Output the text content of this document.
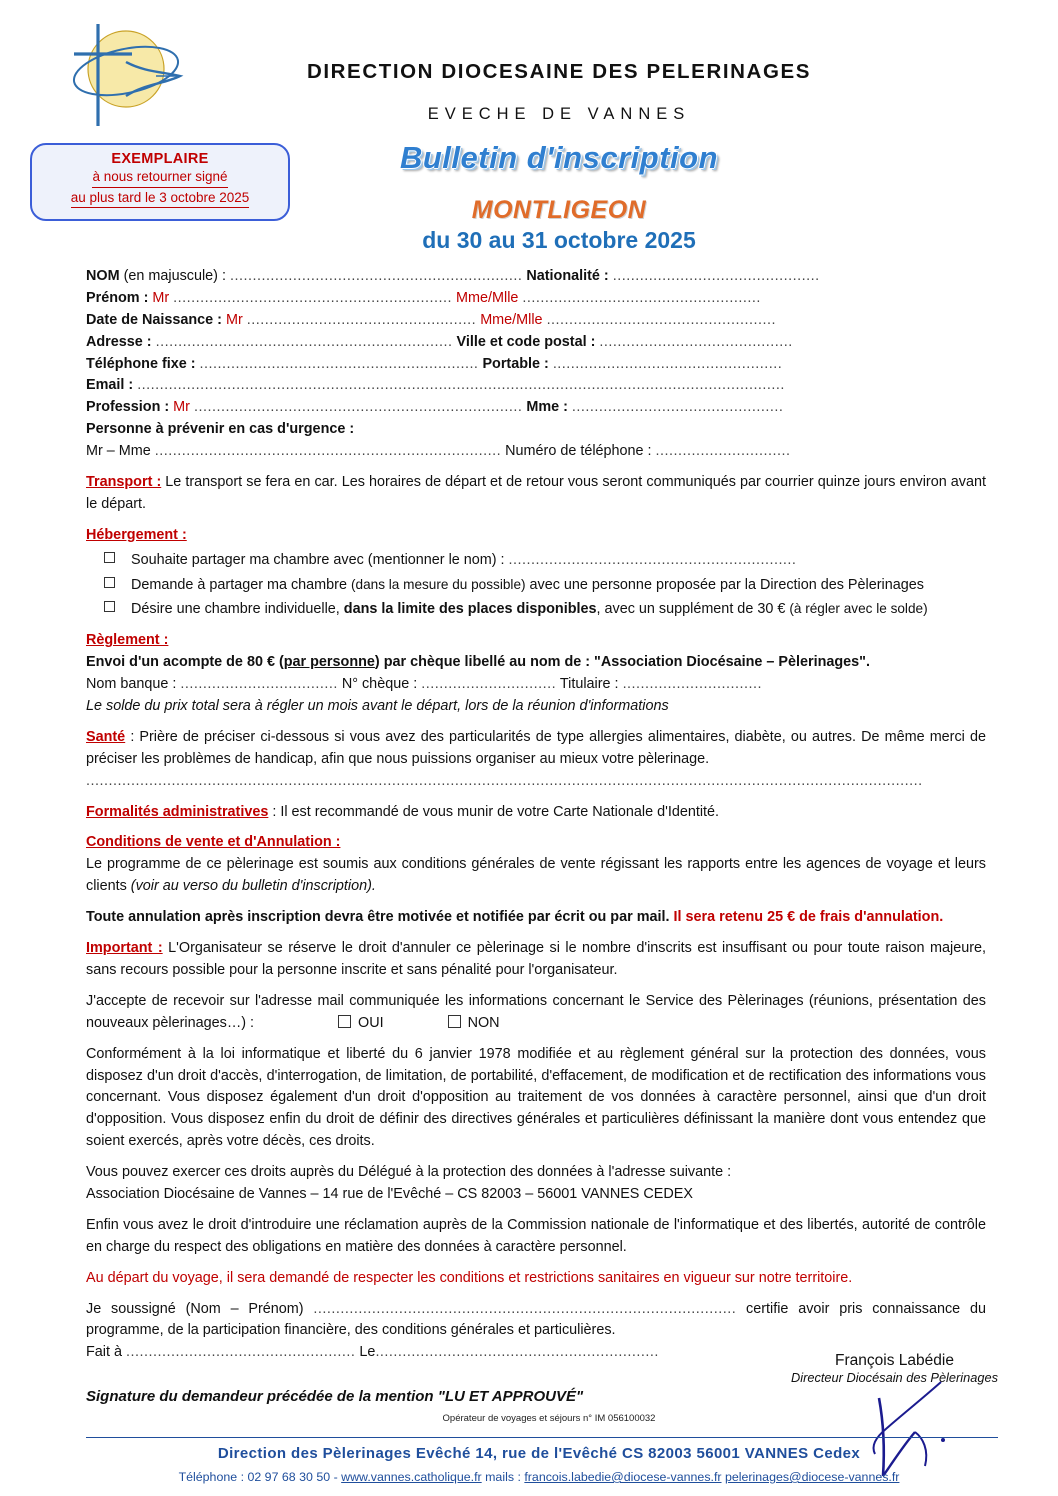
EXEMPLAIRE
à nous retourner signé
au plus tard le 3 octobre 2025
DIRECTION DIOCESAINE DES PELERINAGES
EVECHE DE VANNES
Bulletin d'inscription
MONTLIGEON
du 30 au 31 octobre 2025
NOM (en majuscule) : ................................................................. Nationalité : ..............................................
Prénom : Mr .............................................................. Mme/Mlle .....................................................
Date de Naissance : Mr ................................................... Mme/Mlle ...................................................
Adresse : .................................................................. Ville et code postal : ...........................................
Téléphone fixe : .............................................................. Portable : ...................................................
Email : ................................................................................................................................................
Profession : Mr ......................................................................... Mme : ...............................................
Personne à prévenir en cas d'urgence :
Mr – Mme ............................................................................. Numéro de téléphone : ..............................
Transport : Le transport se fera en car. Les horaires de départ et de retour vous seront communiqués par courrier quinze jours environ avant le départ.
Hébergement :
Souhaite partager ma chambre avec (mentionner le nom) : ................................................................
Demande à partager ma chambre (dans la mesure du possible) avec une personne proposée par la Direction des Pèlerinages
Désire une chambre individuelle, dans la limite des places disponibles, avec un supplément de 30 € (à régler avec le solde)
Règlement :
Envoi d'un acompte de 80 € (par personne) par chèque libellé au nom de : "Association Diocésaine – Pèlerinages".
Nom banque : ................................... N° chèque : .............................. Titulaire : ...............................
Le solde du prix total sera à régler un mois avant le départ, lors de la réunion d'informations
Santé : Prière de préciser ci-dessous si vous avez des particularités de type allergies alimentaires, diabète, ou autres. De même merci de préciser les problèmes de handicap, afin que nous puissions organiser au mieux votre pèlerinage.
..........................................................................................................................................................................................
Formalités administratives : Il est recommandé de vous munir de votre Carte Nationale d'Identité.
Conditions de vente et d'Annulation :
Le programme de ce pèlerinage est soumis aux conditions générales de vente régissant les rapports entre les agences de voyage et leurs clients (voir au verso du bulletin d'inscription).
Toute annulation après inscription devra être motivée et notifiée par écrit ou par mail. Il sera retenu 25 € de frais d'annulation.
Important : L'Organisateur se réserve le droit d'annuler ce pèlerinage si le nombre d'inscrits est insuffisant ou pour toute raison majeure, sans recours possible pour la personne inscrite et sans pénalité pour l'organisateur.
J'accepte de recevoir sur l'adresse mail communiquée les informations concernant le Service des Pèlerinages (réunions, présentation des nouveaux pèlerinages…) :	OUI	NON
Conformément à la loi informatique et liberté du 6 janvier 1978 modifiée et au règlement général sur la protection des données, vous disposez d'un droit d'accès, d'interrogation, de limitation, de portabilité, d'effacement, de modification et de rectification des informations vous concernant. Vous disposez également d'un droit d'opposition au traitement de vos données à caractère personnel, ainsi que d'un droit d'opposition. Vous disposez enfin du droit de définir des directives générales et particulières définissant la manière dont vous entendez que soient exercés, après votre décès, ces droits.
Vous pouvez exercer ces droits auprès du Délégué à la protection des données à l'adresse suivante :
Association Diocésaine de Vannes – 14 rue de l'Evêché – CS 82003 – 56001 VANNES CEDEX
Enfin vous avez le droit d'introduire une réclamation auprès de la Commission nationale de l'informatique et des libertés, autorité de contrôle en charge du respect des obligations en matière des données à caractère personnel.
Au départ du voyage, il sera demandé de respecter les conditions et restrictions sanitaires en vigueur sur notre territoire.
Je soussigné (Nom – Prénom) .............................................................................................. certifie avoir pris connaissance du programme, de la participation financière, des conditions générales et particulières.
Fait à ................................................... Le...............................................................
Signature du demandeur précédée de la mention "LU ET APPROUVÉ"
François Labédie
Directeur Diocésain des Pèlerinages
Opérateur de voyages et séjours n° IM 056100032
Direction des Pèlerinages Evêché 14, rue de l'Evêché CS 82003 56001 VANNES Cedex
Téléphone : 02 97 68 30 50 - www.vannes.catholique.fr mails : francois.labedie@diocese-vannes.fr pelerinages@diocese-vannes.fr
